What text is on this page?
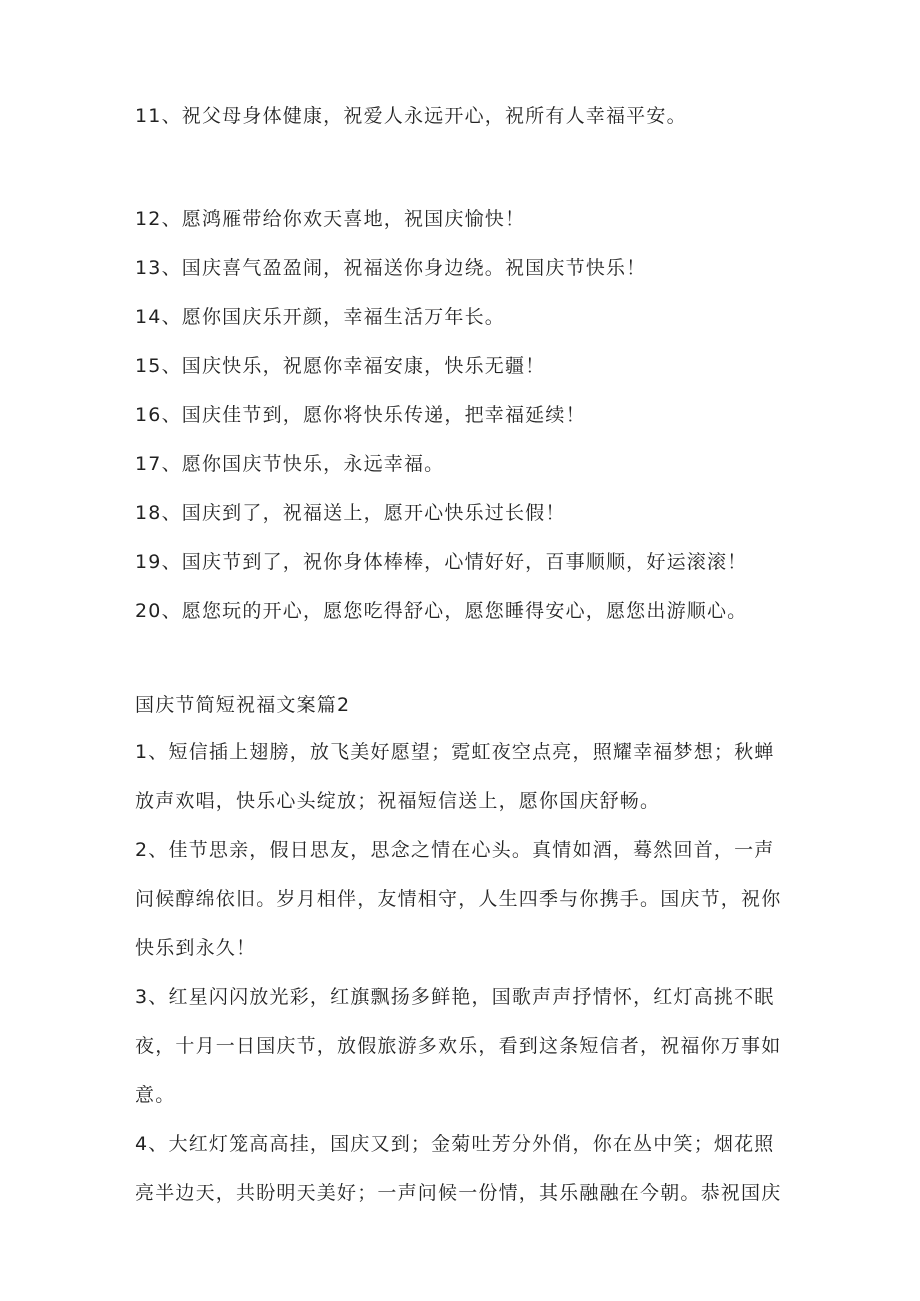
11、祝父母身体健康，祝爱人永远开心，祝所有人幸福平安。

12、愿鸿雁带给你欢天喜地，祝国庆愉快！

13、国庆喜气盈盈闹，祝福送你身边绕。祝国庆节快乐！

14、愿你国庆乐开颜，幸福生活万年长。

15、国庆快乐，祝愿你幸福安康，快乐无疆！

16、国庆佳节到，愿你将快乐传递，把幸福延续！

17、愿你国庆节快乐，永远幸福。

18、国庆到了，祝福送上，愿开心快乐过长假！

19、国庆节到了，祝你身体棒棒，心情好好，百事顺顺，好运滚滚！

20、愿您玩的开心，愿您吃得舒心，愿您睡得安心，愿您出游顺心。

国庆节简短祝福文案篇2

1、短信插上翅膀，放飞美好愿望；霓虹夜空点亮，照耀幸福梦想；秋蝉
放声欢唱，快乐心头绽放；祝福短信送上，愿你国庆舒畅。
2、佳节思亲，假日思友，思念之情在心头。真情如酒，蓦然回首，一声
问候醇绵依旧。岁月相伴，友情相守，人生四季与你携手。国庆节，祝你
快乐到永久！
3、红星闪闪放光彩，红旗飘扬多鲜艳，国歌声声抒情怀，红灯高挑不眠
夜，十月一日国庆节，放假旅游多欢乐，看到这条短信者，祝福你万事如
意。
4、大红灯笼高高挂，国庆又到；金菊吐芳分外俏，你在丛中笑；烟花照
亮半边天，共盼明天美好；一声问候一份情，其乐融融在今朝。恭祝国庆
